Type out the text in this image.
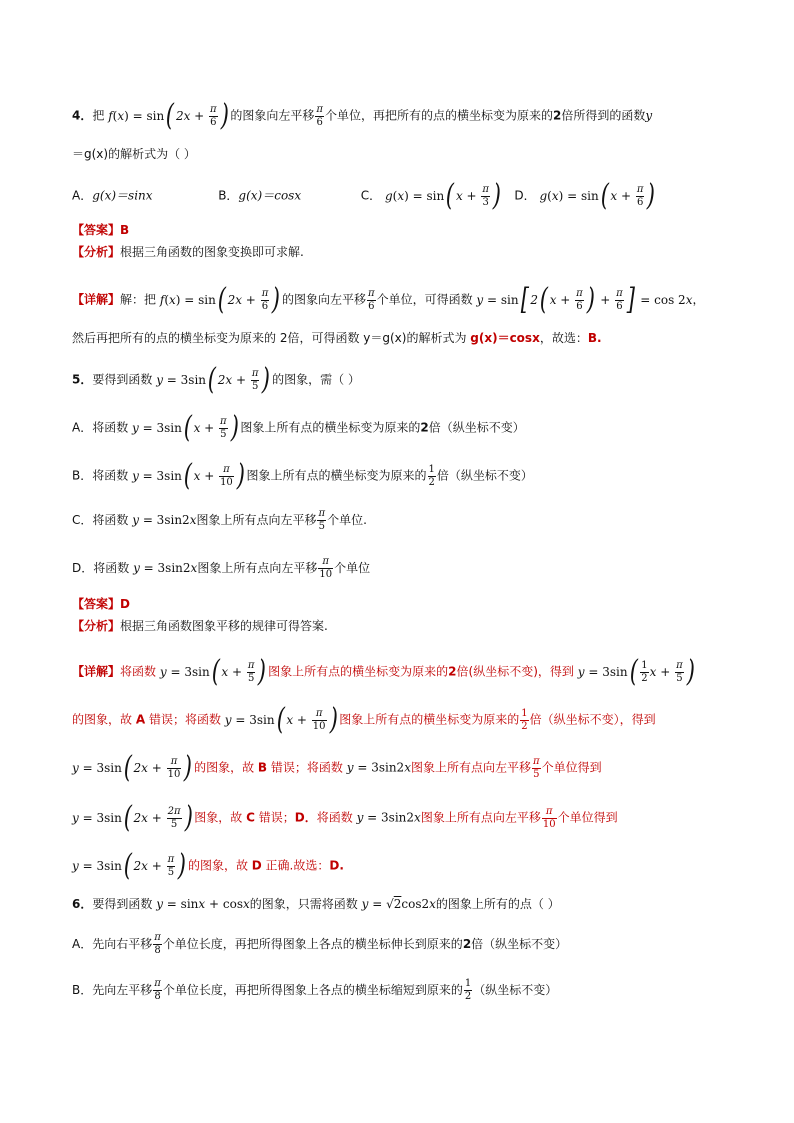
4．把 f(x) = sin( $2x + \frac{\pi}{6}$ ) 的图象向左平移 $\frac{\pi}{6}$ 个单位，再把所有的点的横坐标变为原来的2倍所得到的函数y
＝g(x)的解析式为（ ）
A．g(x)＝sinx	B．g(x)＝cosx	C． g(x) = sin( $x + \frac{\pi}{3}$ ) D． g(x) = sin( $x + \frac{\pi}{6}$ )
【答案】B
【分析】根据三角函数的图象变换即可求解.
【详解】解：把 f(x) = sin( $2x + \frac{\pi}{6}$ ) 的图象向左平移 $\frac{\pi}{6}$ 个单位，可得函数 y = sin[ 2( $x + \frac{\pi}{6}$ ) + $\frac{\pi}{6}$ ] = cos 2x，
然后再把所有的点的横坐标变为原来的 2倍，可得函数 y＝g(x)的解析式为 g(x)＝cosx，故选：B.
5．要得到函数 y = 3sin( $2x + \frac{\pi}{5}$ ) 的图象，需（ ）
A．将函数 y = 3sin( $x + \frac{\pi}{5}$ ) 图象上所有点的横坐标变为原来的2倍（纵坐标不变）
B．将函数 y = 3sin( $x + \frac{\pi}{10}$ ) 图象上所有点的横坐标变为原来的 $\frac{1}{2}$ 倍（纵坐标不变）
C．将函数 y = 3sin2x图象上所有点向左平移 $\frac{\pi}{5}$ 个单位.
D．将函数 y = 3sin2x图象上所有点向左平移 $\frac{\pi}{10}$ 个单位
【答案】D
【分析】根据三角函数图象平移的规律可得答案.
【详解】将函数 y = 3sin( $x + \frac{\pi}{5}$ ) 图象上所有点的横坐标变为原来的2倍(纵坐标不变)，得到 $y = 3\sin( \frac{1}{2}$ $x + \frac{\pi}{5}$ )
的图象，故 A 错误；将函数 y = 3sin( $x + \frac{\pi}{10}$ ) 图象上所有点的横坐标变为原来的 $\frac{1}{2}$ 倍（纵坐标不变），得到
y = 3sin( $2x + \frac{\pi}{10}$ ) 的图象，故 B 错误；将函数 y = 3sin2x图象上所有点向左平移 $\frac{\pi}{5}$ 个单位得到
y = 3sin( $2x + \frac{2\pi}{5}$ ) 图象，故 C 错误；D．将函数 y = 3sin2x图象上所有点向左平移 $\frac{\pi}{10}$ 个单位得到
y = 3sin( $2x + \frac{\pi}{5}$ ) 的图象，故 D 正确.故选：D.
6．要得到函数 y = sinx + cosx的图象，只需将函数 y = √2cos2x的图象上所有的点（ ）
A．先向右平移 $\frac{\pi}{8}$ 个单位长度，再把所得图象上各点的横坐标伸长到原来的2倍（纵坐标不变）
B．先向左平移 $\frac{\pi}{8}$ 个单位长度，再把所得图象上各点的横坐标缩短到原来的 $\frac{1}{2}$ （纵坐标不变）
